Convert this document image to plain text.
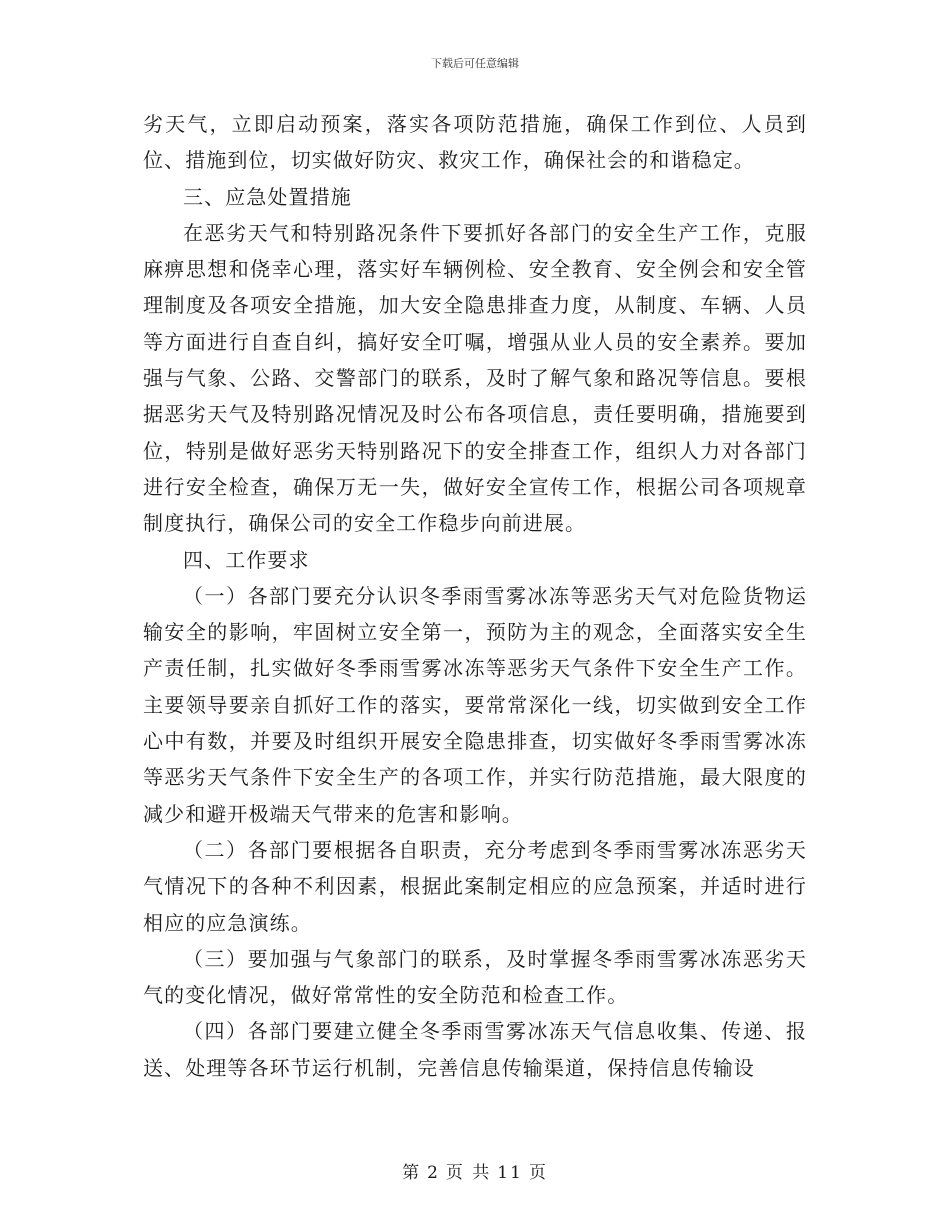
下载后可任意编辑

劣天气，立即启动预案，落实各项防范措施，确保工作到位、人员到位、措施到位，切实做好防灾、救灾工作，确保社会的和谐稳定。

三、应急处置措施

在恶劣天气和特别路况条件下要抓好各部门的安全生产工作，克服麻痹思想和侥幸心理，落实好车辆例检、安全教育、安全例会和安全管理制度及各项安全措施，加大安全隐患排查力度，从制度、车辆、人员等方面进行自查自纠，搞好安全叮嘱，增强从业人员的安全素养。要加强与气象、公路、交警部门的联系，及时了解气象和路况等信息。要根据恶劣天气及特别路况情况及时公布各项信息，责任要明确，措施要到位，特别是做好恶劣天特别路况下的安全排查工作，组织人力对各部门进行安全检查，确保万无一失，做好安全宣传工作，根据公司各项规章制度执行，确保公司的安全工作稳步向前进展。

四、工作要求

（一）各部门要充分认识冬季雨雪雾冰冻等恶劣天气对危险货物运输安全的影响，牢固树立安全第一，预防为主的观念，全面落实安全生产责任制，扎实做好冬季雨雪雾冰冻等恶劣天气条件下安全生产工作。主要领导要亲自抓好工作的落实，要常常深化一线，切实做到安全工作心中有数，并要及时组织开展安全隐患排查，切实做好冬季雨雪雾冰冻等恶劣天气条件下安全生产的各项工作，并实行防范措施，最大限度的减少和避开极端天气带来的危害和影响。

（二）各部门要根据各自职责，充分考虑到冬季雨雪雾冰冻恶劣天气情况下的各种不利因素，根据此案制定相应的应急预案，并适时进行相应的应急演练。

（三）要加强与气象部门的联系，及时掌握冬季雨雪雾冰冻恶劣天气的变化情况，做好常常性的安全防范和检查工作。

（四）各部门要建立健全冬季雨雪雾冰冻天气信息收集、传递、报送、处理等各环节运行机制，完善信息传输渠道，保持信息传输设

第 2 页 共 11 页
